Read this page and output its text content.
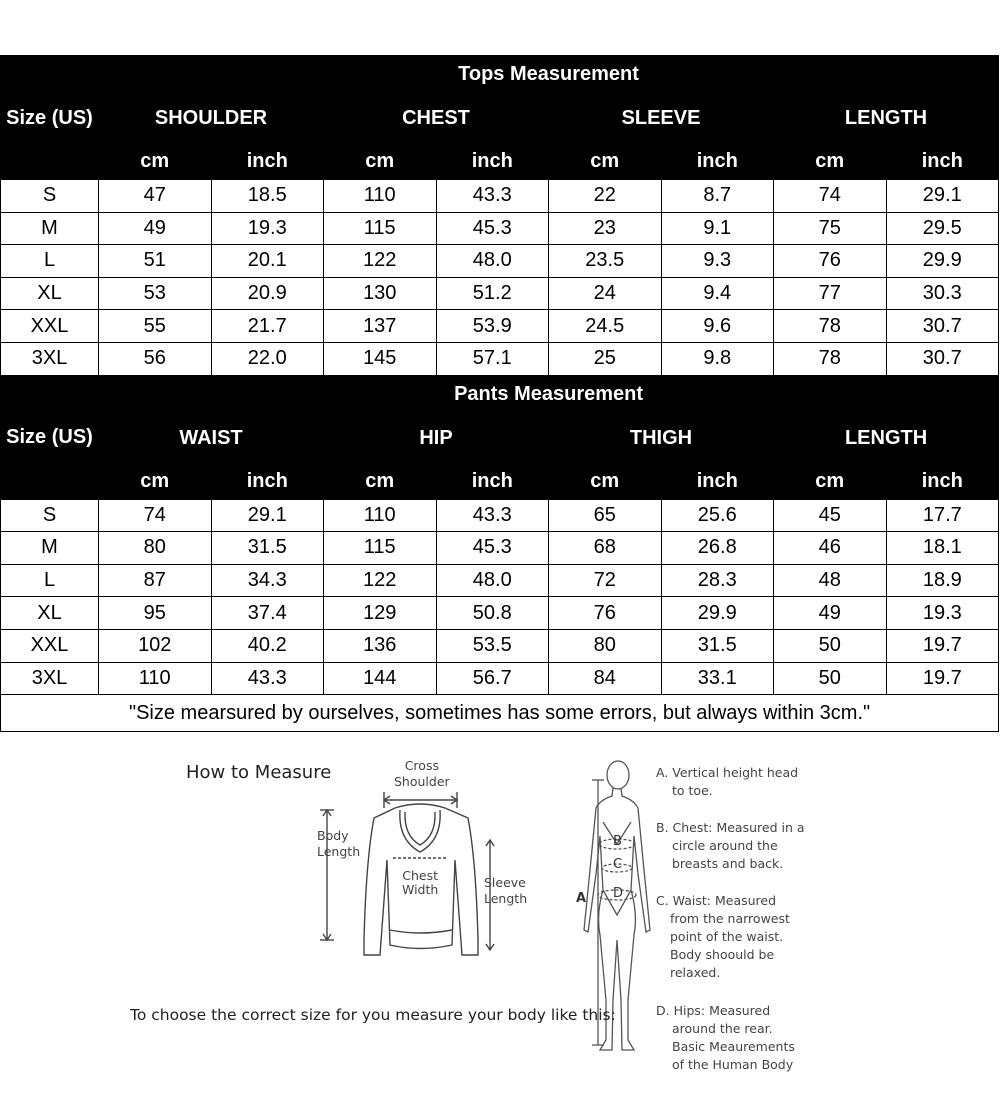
Size (US)	Tops Measurement							
	SHOULDER		CHEST		SLEEVE		LENGTH	
	cm	inch	cm	inch	cm	inch	cm	inch
S	47	18.5	110	43.3	22	8.7	74	29.1
M	49	19.3	115	45.3	23	9.1	75	29.5
L	51	20.1	122	48.0	23.5	9.3	76	29.9
XL	53	20.9	130	51.2	24	9.4	77	30.3
XXL	55	21.7	137	53.9	24.5	9.6	78	30.7
3XL	56	22.0	145	57.1	25	9.8	78	30.7
Size (US)	Pants Measurement							
	WAIST		HIP		THIGH		LENGTH	
	cm	inch	cm	inch	cm	inch	cm	inch
S	74	29.1	110	43.3	65	25.6	45	17.7
M	80	31.5	115	45.3	68	26.8	46	18.1
L	87	34.3	122	48.0	72	28.3	48	18.9
XL	95	37.4	129	50.8	76	29.9	49	19.3
XXL	102	40.2	136	53.5	80	31.5	50	19.7
3XL	110	43.3	144	56.7	84	33.1	50	19.7
"Size mearsured by ourselves, sometimes has some errors, but always within 3cm."								
How to Measure	Cross
Shoulder
Body
Length
Chest
Width	Sleeve
Length
To choose the correct size for you measure your body like this:
A
B
C
D
A. Vertical height head
to toe.
B. Chest: Measured in a
circle around the
breasts and back.
C. Waist: Measured
from the narrowest
point of the waist.
Body shoould be
relaxed.
D. Hips: Measured
around the rear.
Basic Meaurements
of the Human Body
